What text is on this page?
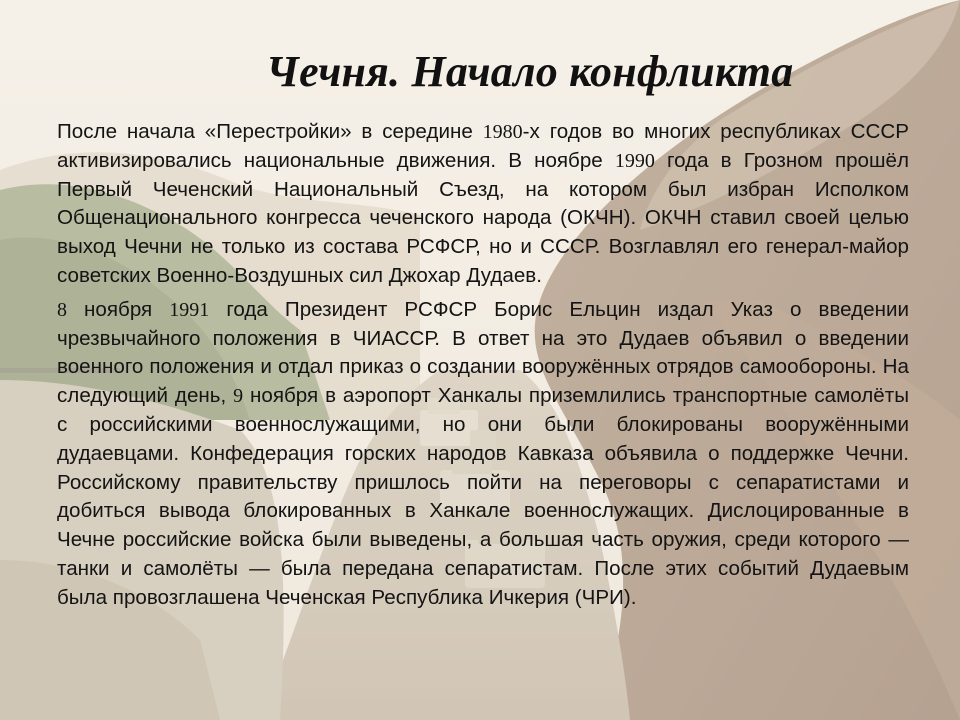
Чечня. Начало конфликта

После начала «Перестройки» в середине 1980-х годов во многих республиках СССР активизировались национальные движения. В ноябре 1990 года в Грозном прошёл Первый Чеченский Национальный Съезд, на котором был избран Исполком Общенационального конгресса чеченского народа (ОКЧН). ОКЧН ставил своей целью выход Чечни не только из состава РСФСР, но и СССР. Возглавлял его генерал-майор советских Военно-Воздушных сил Джохар Дудаев.

8 ноября 1991 года Президент РСФСР Борис Ельцин издал Указ о введении чрезвычайного положения в ЧИАССР. В ответ на это Дудаев объявил о введении военного положения и отдал приказ о создании вооружённых отрядов самообороны. На следующий день, 9 ноября в аэропорт Ханкалы приземлились транспортные самолёты с российскими военнослужащими, но они были блокированы вооружёнными дудаевцами. Конфедерация горских народов Кавказа объявила о поддержке Чечни. Российскому правительству пришлось пойти на переговоры с сепаратистами и добиться вывода блокированных в Ханкале военнослужащих. Дислоцированные в Чечне российские войска были выведены, а большая часть оружия, среди которого — танки и самолёты — была передана сепаратистам. После этих событий Дудаевым была провозглашена Чеченская Республика Ичкерия (ЧРИ).
